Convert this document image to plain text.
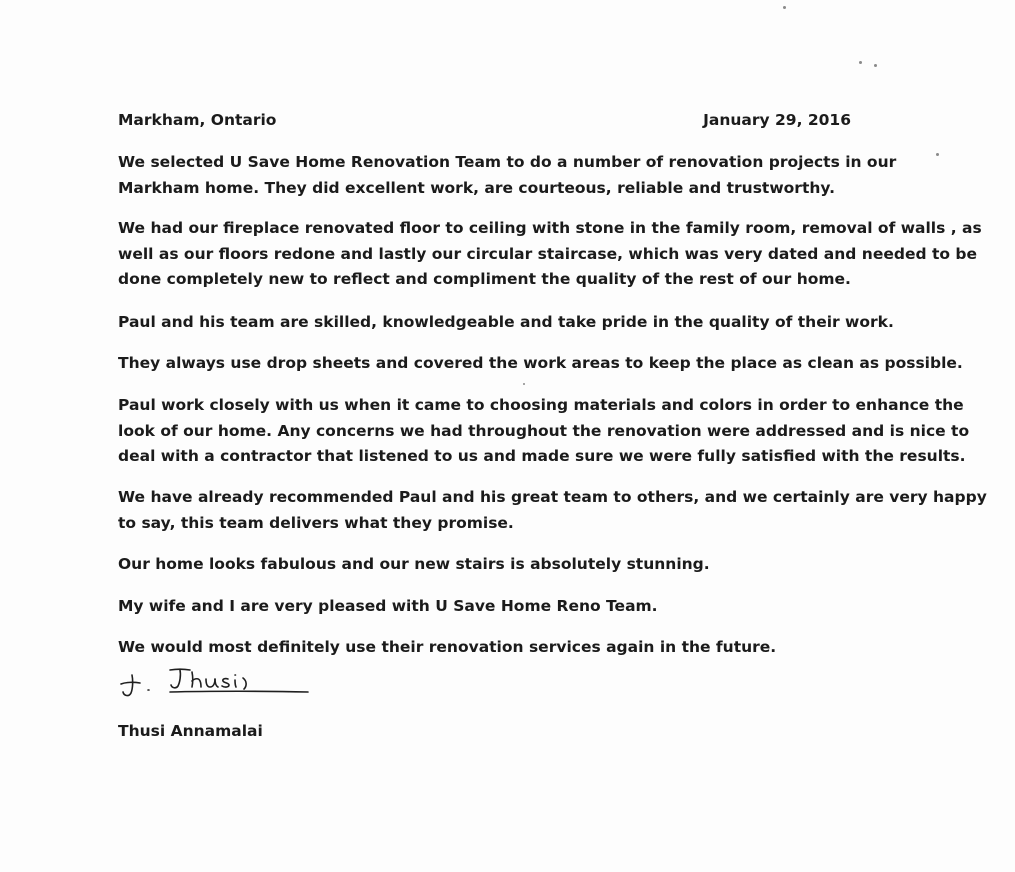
Markham, Ontario	January 29, 2016

We selected U Save Home Renovation Team to do a number of renovation projects in our
Markham home. They did excellent work, are courteous, reliable and trustworthy.

We had our fireplace renovated floor to ceiling with stone in the family room, removal of walls , as
well as our floors redone and lastly our circular staircase, which was very dated and needed to be
done completely new to reflect and compliment the quality of the rest of our home.

Paul and his team are skilled, knowledgeable and take pride in the quality of their work.

They always use drop sheets and covered the work areas to keep the place as clean as possible.

Paul work closely with us when it came to choosing materials and colors in order to enhance the
look of our home. Any concerns we had throughout the renovation were addressed and is nice to
deal with a contractor that listened to us and made sure we were fully satisfied with the results.

We have already recommended Paul and his great team to others, and we certainly are very happy
to say, this team delivers what they promise.

Our home looks fabulous and our new stairs is absolutely stunning.

My wife and I are very pleased with U Save Home Reno Team.

We would most definitely use their renovation services again in the future.

Thusi Annamalai
